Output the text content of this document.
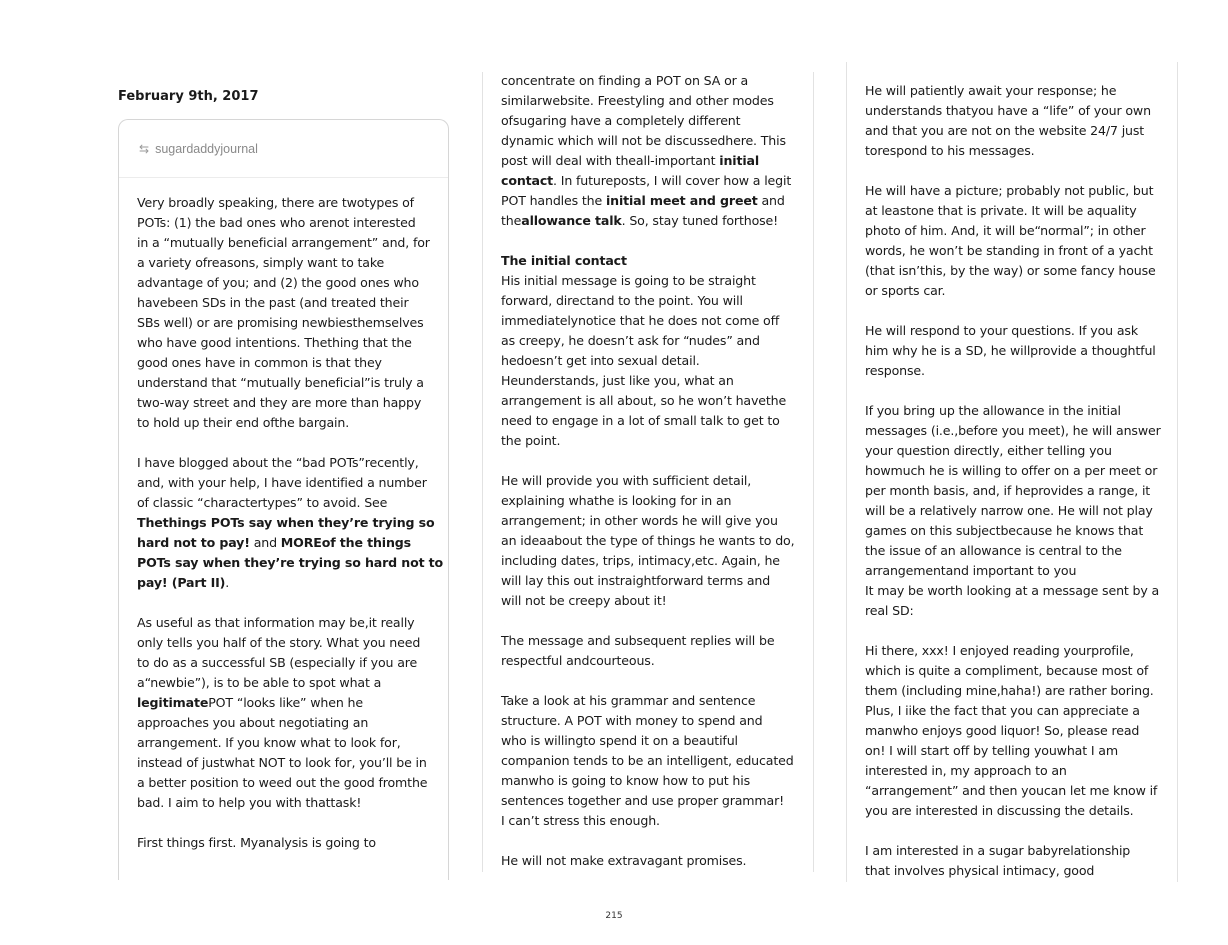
February 9th, 2017
⇆ sugardaddyjournal
Very broadly speaking, there are twotypes of
POTs: (1) the bad ones who arenot interested
in a “mutually beneficial arrangement” and, for
a variety ofreasons, simply want to take
advantage of you; and (2) the good ones who
havebeen SDs in the past (and treated their
SBs well) or are promising newbiesthemselves
who have good intentions. Thething that the
good ones have in common is that they
understand that “mutually beneficial”is truly a
two-way street and they are more than happy
to hold up their end ofthe bargain.
I have blogged about the “bad POTs”recently,
and, with your help, I have identified a number
of classic “charactertypes” to avoid. See
Thethings POTs say when they’re trying so
hard not to pay! and MOREof the things
POTs say when they’re trying so hard not to
pay! (Part II).
As useful as that information may be,it really
only tells you half of the story. What you need
to do as a successful SB (especially if you are
a“newbie”), is to be able to spot what a
legitimatePOT “looks like” when he
approaches you about negotiating an
arrangement. If you know what to look for,
instead of justwhat NOT to look for, you’ll be in
a better position to weed out the good fromthe
bad. I aim to help you with thattask!
First things first. Myanalysis is going to
concentrate on finding a POT on SA or a
similarwebsite. Freestyling and other modes
ofsugaring have a completely different
dynamic which will not be discussedhere. This
post will deal with theall-important initial
contact. In futureposts, I will cover how a legit
POT handles the initial meet and greet and
theallowance talk. So, stay tuned forthose!
The initial contact
His initial message is going to be straight
forward, directand to the point. You will
immediatelynotice that he does not come off
as creepy, he doesn’t ask for “nudes” and
hedoesn’t get into sexual detail.
Heunderstands, just like you, what an
arrangement is all about, so he won’t havethe
need to engage in a lot of small talk to get to
the point.
He will provide you with sufficient detail,
explaining whathe is looking for in an
arrangement; in other words he will give you
an ideaabout the type of things he wants to do,
including dates, trips, intimacy,etc. Again, he
will lay this out instraightforward terms and
will not be creepy about it!
The message and subsequent replies will be
respectful andcourteous.
Take a look at his grammar and sentence
structure. A POT with money to spend and
who is willingto spend it on a beautiful
companion tends to be an intelligent, educated
manwho is going to know how to put his
sentences together and use proper grammar!
I can’t stress this enough.
He will not make extravagant promises.
He will patiently await your response; he
understands thatyou have a “life” of your own
and that you are not on the website 24/7 just
torespond to his messages.
He will have a picture; probably not public, but
at leastone that is private. It will be aquality
photo of him. And, it will be“normal”; in other
words, he won’t be standing in front of a yacht
(that isn’this, by the way) or some fancy house
or sports car.
He will respond to your questions. If you ask
him why he is a SD, he willprovide a thoughtful
response.
If you bring up the allowance in the initial
messages (i.e.,before you meet), he will answer
your question directly, either telling you
howmuch he is willing to offer on a per meet or
per month basis, and, if heprovides a range, it
will be a relatively narrow one. He will not play
games on this subjectbecause he knows that
the issue of an allowance is central to the
arrangementand important to you
It may be worth looking at a message sent by a
real SD:
Hi there, xxx! I enjoyed reading yourprofile,
which is quite a compliment, because most of
them (including mine,haha!) are rather boring.
Plus, I iike the fact that you can appreciate a
manwho enjoys good liquor! So, please read
on! I will start off by telling youwhat I am
interested in, my approach to an
“arrangement” and then youcan let me know if
you are interested in discussing the details.
I am interested in a sugar babyrelationship
that involves physical intimacy, good
215
